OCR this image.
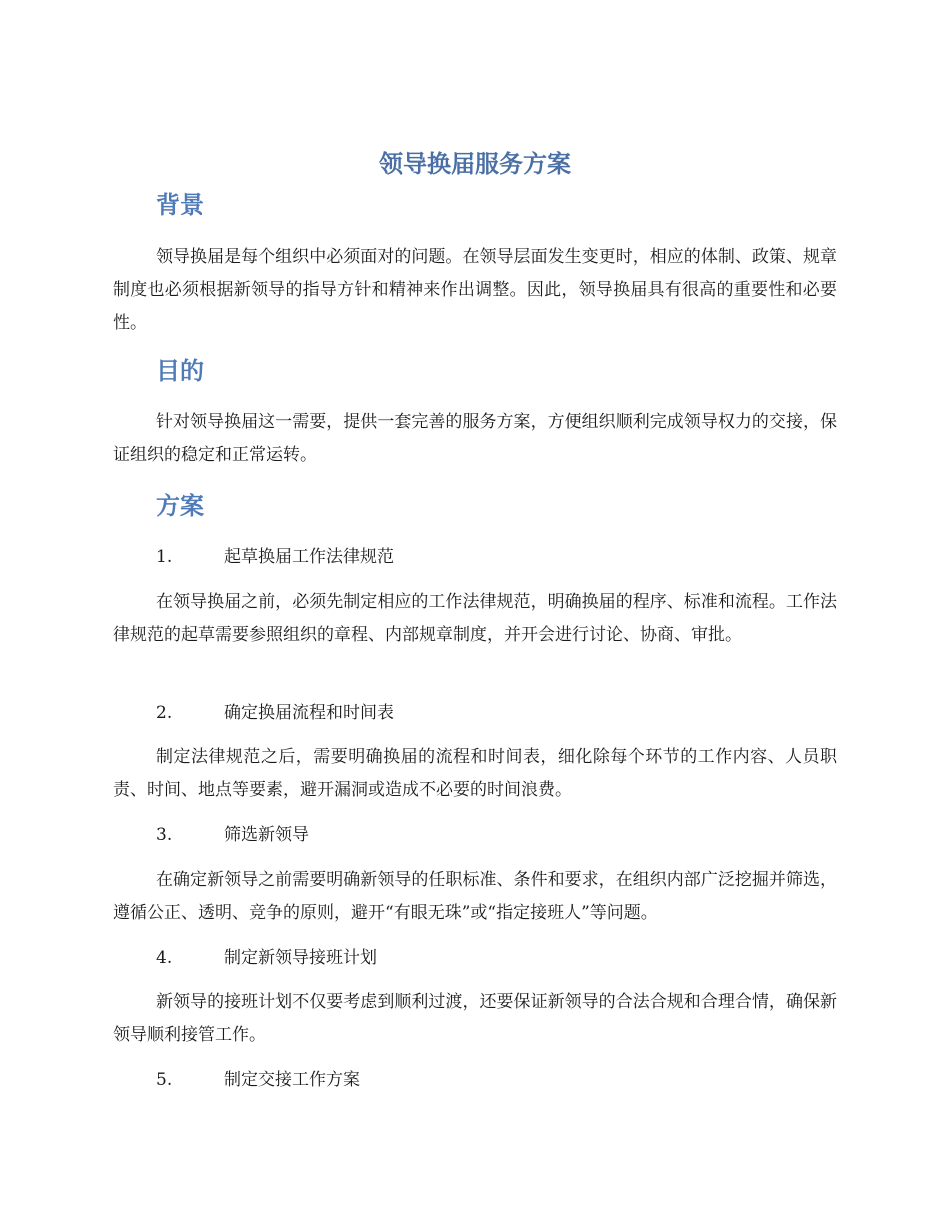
领导换届服务方案
背景

领导换届是每个组织中必须面对的问题。在领导层面发生变更时，相应的体制、政策、规章制度也必须根据新领导的指导方针和精神来作出调整。因此，领导换届具有很高的重要性和必要性。

目的

针对领导换届这一需要，提供一套完善的服务方案，方便组织顺利完成领导权力的交接，保证组织的稳定和正常运转。

方案
1.	起草换届工作法律规范

在领导换届之前，必须先制定相应的工作法律规范，明确换届的程序、标准和流程。工作法律规范的起草需要参照组织的章程、内部规章制度，并开会进行讨论、协商、审批。

2.	确定换届流程和时间表

制定法律规范之后，需要明确换届的流程和时间表，细化除每个环节的工作内容、人员职责、时间、地点等要素，避开漏洞或造成不必要的时间浪费。

3.	筛选新领导

在确定新领导之前需要明确新领导的任职标准、条件和要求，在组织内部广泛挖掘并筛选，遵循公正、透明、竞争的原则，避开“有眼无珠”或“指定接班人”等问题。

4.	制定新领导接班计划

新领导的接班计划不仅要考虑到顺利过渡，还要保证新领导的合法合规和合理合情，确保新领导顺利接管工作。

5.	制定交接工作方案
